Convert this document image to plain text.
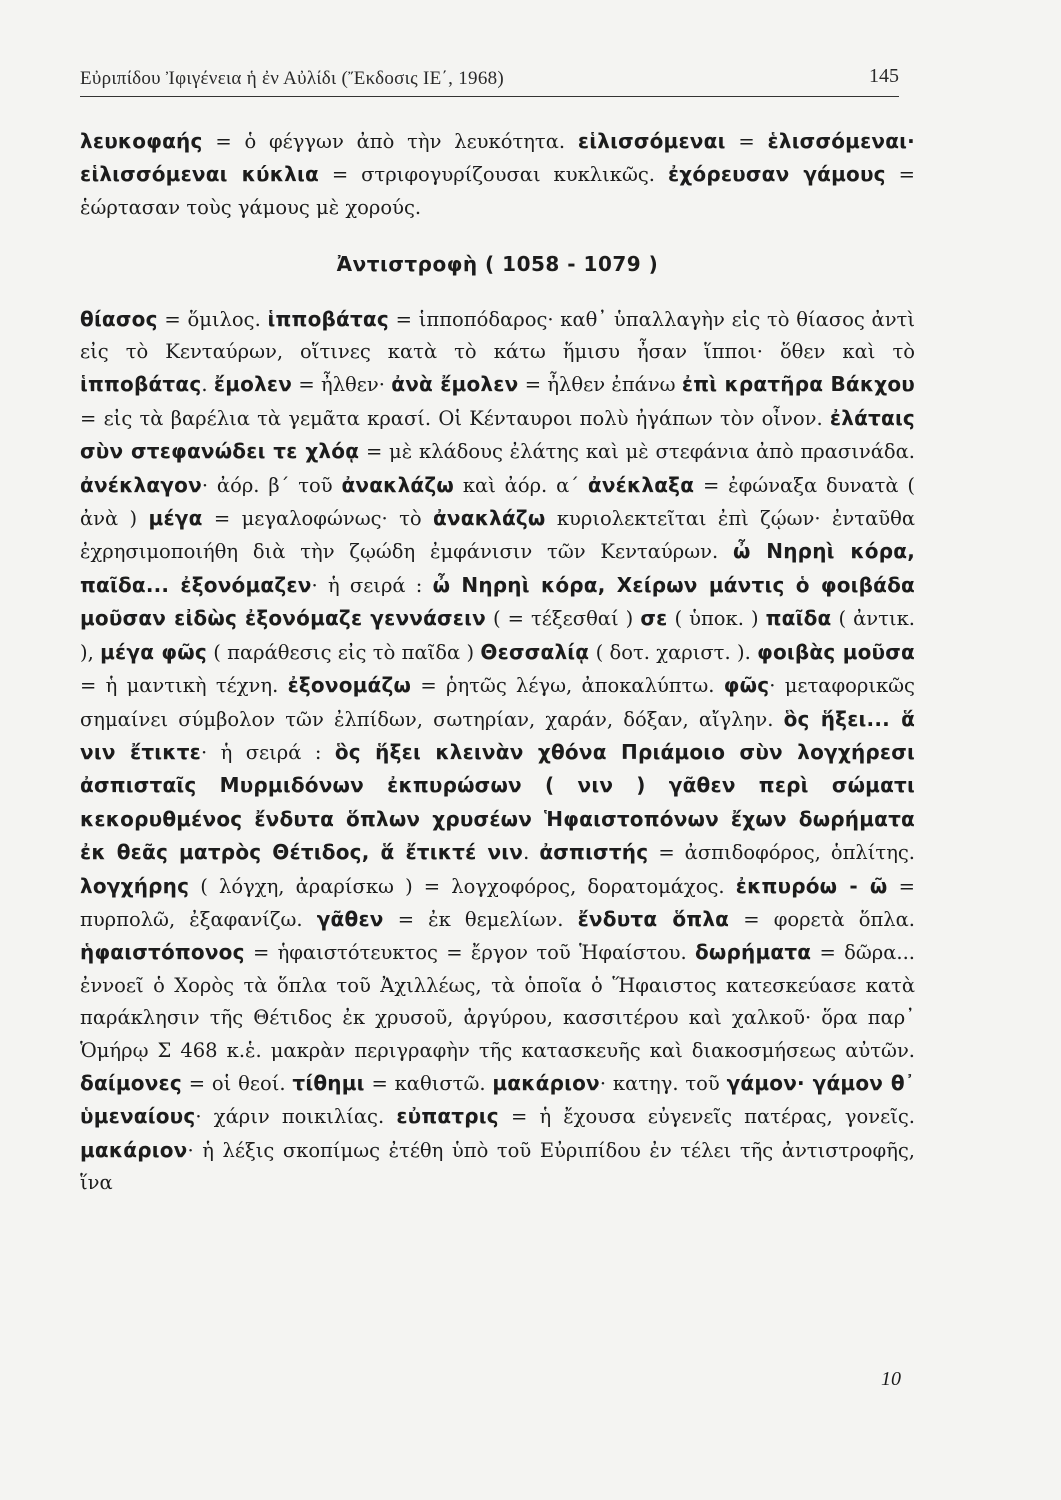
Εὐριπίδου Ἰφιγένεια ἡ ἐν Αὐλίδι (Ἔκδοσις ΙΕ΄, 1968)	145

λευκοφαής = ὁ φέγγων ἀπὸ τὴν λευκότητα. εἱλισσόμεναι = ἑλισσόμεναι· εἱλισσόμεναι κύκλια = στριφογυρίζουσαι κυκλικῶς. ἐχόρευσαν γάμους = ἑώρτασαν τοὺς γάμους μὲ χορούς.

Ἀντιστροφὴ ( 1058 - 1079 )

θίασος = ὅμιλος. ἱπποβάτας = ἱπποπόδαρος· καθ᾽ ὑπαλλαγὴν εἰς τὸ θίασος ἀντὶ εἰς τὸ Κενταύρων, οἵτινες κατὰ τὸ κάτω ἥμισυ ἦσαν ἵπποι· ὅθεν καὶ τὸ ἱπποβάτας. ἔμολεν = ἦλθεν· ἀνὰ ἔμολεν = ἦλθεν ἐπάνω ἐπὶ κρατῆρα Βάκχου = εἰς τὰ βαρέλια τὰ γεμᾶτα κρασί. Οἱ Κένταυροι πολὺ ἠγάπων τὸν οἶνον. ἐλάταις σὺν στεφανώδει τε χλόᾳ = μὲ κλάδους ἐλάτης καὶ μὲ στεφάνια ἀπὸ πρασινάδα. ἀνέκλαγον· ἀόρ. β΄ τοῦ ἀνακλάζω καὶ ἀόρ. α΄ ἀνέκλαξα = ἐφώναξα δυνατὰ ( ἀνὰ ) μέγα = μεγαλοφώνως· τὸ ἀνακλάζω κυριολεκτεῖται ἐπὶ ζῴων· ἐνταῦθα ἐχρησιμοποιήθη διὰ τὴν ζῳώδη ἐμφάνισιν τῶν Κενταύρων. ὦ Νηρηὶ κόρα, παῖδα... ἐξονόμαζεν· ἡ σειρά : ὦ Νηρηὶ κόρα, Χείρων μάντις ὁ φοιβάδα μοῦσαν εἰδὼς ἐξονόμαζε γεννάσειν ( = τέξεσθαί ) σε ( ὑποκ. ) παῖδα ( ἀντικ. ), μέγα φῶς ( παράθεσις εἰς τὸ παῖδα ) Θεσσαλίᾳ ( δοτ. χαριστ. ). φοιβὰς μοῦσα = ἡ μαντικὴ τέχνη. ἐξονομάζω = ῥητῶς λέγω, ἀποκαλύπτω. φῶς· μεταφορικῶς σημαίνει σύμβολον τῶν ἐλπίδων, σωτηρίαν, χαράν, δόξαν, αἴγλην. ὃς ἥξει... ἅ νιν ἔτικτε· ἡ σειρά : ὃς ἥξει κλεινὰν χθόνα Πριάμοιο σὺν λογχήρεσι ἀσπισταῖς Μυρμιδόνων ἐκπυρώσων ( νιν ) γᾶθεν περὶ σώματι κεκορυθμένος ἔνδυτα ὅπλων χρυσέων Ἡφαιστοπόνων ἔχων δωρήματα ἐκ θεᾶς ματρὸς Θέτιδος, ἅ ἔτικτέ νιν. ἀσπιστής = ἀσπιδοφόρος, ὁπλίτης. λογχήρης ( λόγχη, ἀραρίσκω ) = λογχοφόρος, δορατομάχος. ἐκπυρόω - ῶ = πυρπολῶ, ἐξαφανίζω. γᾶθεν = ἐκ θεμελίων. ἔνδυτα ὅπλα = φορετὰ ὅπλα. ἡφαιστόπονος = ἡφαιστότευκτος = ἔργον τοῦ Ἡφαίστου. δωρήματα = δῶρα... ἐννοεῖ ὁ Χορὸς τὰ ὅπλα τοῦ Ἀχιλλέως, τὰ ὁποῖα ὁ Ἥφαιστος κατεσκεύασε κατὰ παράκλησιν τῆς Θέτιδος ἐκ χρυσοῦ, ἀργύρου, κασσιτέρου καὶ χαλκοῦ· ὅρα παρ᾽ Ὁμήρῳ Σ 468 κ.ἑ. μακρὰν περιγραφὴν τῆς κατασκευῆς καὶ διακοσμήσεως αὐτῶν. δαίμονες = οἱ θεοί. τίθημι = καθιστῶ. μακάριον· κατηγ. τοῦ γάμον· γάμον θ᾽ ὑμεναίους· χάριν ποικιλίας. εὐπατρις = ἡ ἔχουσα εὐγενεῖς πατέρας, γονεῖς. μακάριον· ἡ λέξις σκοπίμως ἐτέθη ὑπὸ τοῦ Εὐριπίδου ἐν τέλει τῆς ἀντιστροφῆς, ἵνα

10
